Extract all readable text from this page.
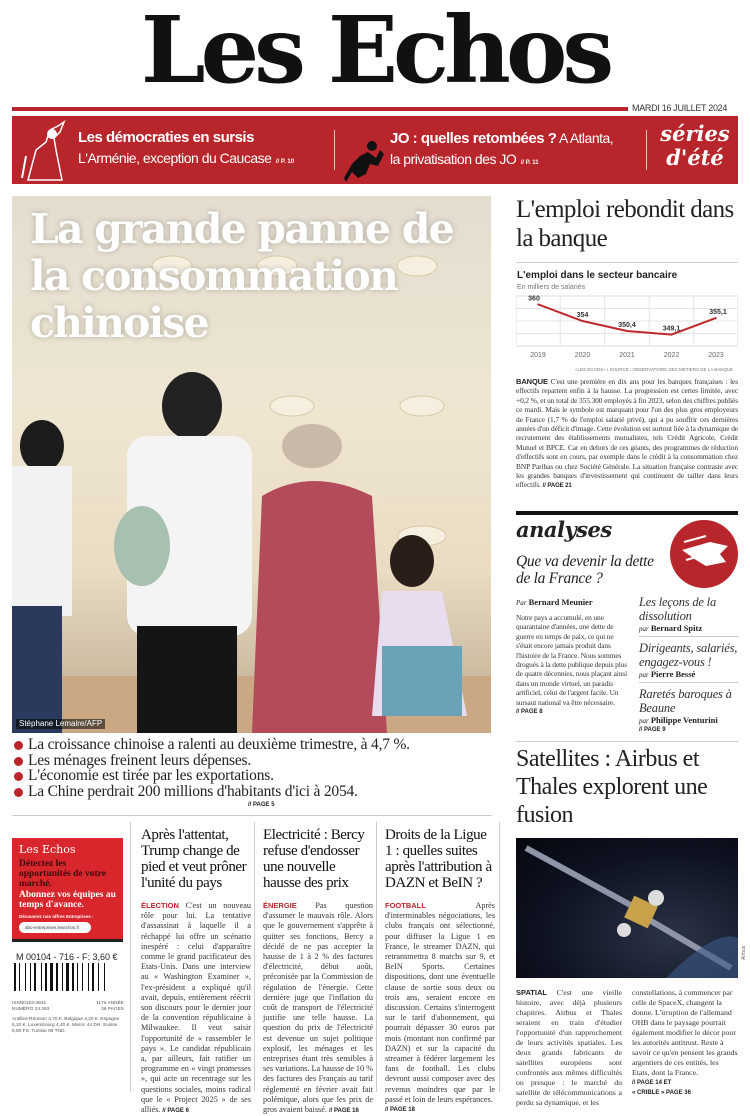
Les Echos
MARDI 16 JUILLET 2024
Les démocraties en sursis
L'Arménie, exception du Caucase // P. 10
JO : quelles retombées ? A Atlanta,
la privatisation des JO // P. 11
séries
d'été
La grande panne de la consommation chinoise
Stéphane Lemaire/AFP
La croissance chinoise a ralenti au deuxième trimestre, à 4,7 %.
Les ménages freinent leurs dépenses.
L'économie est tirée par les exportations.
La Chine perdrait 200 millions d'habitants d'ici à 2054.
// PAGE 5
L'emploi rebondit dans la banque
L'emploi dans le secteur bancaire
En milliers de salariés
360
2019
354
2020
350,4
2021
349,1
2022
355,1
2023
«LES ÉCHOS» / SOURCE : OBSERVATOIRE DES MÉTIERS DE LA BANQUE
BANQUE C'est une première en dix ans pour les banques françaises : les effectifs repartent enfin à la hausse. La progression est certes limitée, avec +0,2 %, et un total de 355.300 employés à fin 2023, selon des chiffres publiés ce mardi. Mais le symbole est marquant pour l'un des plus gros employeurs de France (1,7 % de l'emploi salarié privé), qui a pu souffrir ces dernières années d'un déficit d'image. Cette évolution est surtout liée à la dynamique de recrutement des établissements mutualistes, tels Crédit Agricole, Crédit Mutuel et BPCE. Car en dehors de ces géants, des programmes de réduction d'effectifs sont en cours, par exemple dans le crédit à la consommation chez BNP Paribas ou chez Société Générale. La situation française contraste avec les grandes banques d'investissement qui continuent de tailler dans leurs effectifs. // PAGE 21
analyses
Que va devenir la dette de la France ?
Par Bernard Meunier
Notre pays a accumulé, en une quarantaine d'années, une dette de guerre en temps de paix, ce qui ne s'était encore jamais produit dans l'histoire de la France. Nous sommes drogués à la dette publique depuis plus de quatre décennies, nous plaçant ainsi dans un monde virtuel, un paradis artificiel, celui de l'argent facile. Un sursaut national va être nécessaire.
// PAGE 8
Les leçons de la dissolution
par Bernard Spitz
Dirigeants, salariés, engagez-vous !
par Pierre Bessé
Raretés baroques à Beaune
par Philippe Venturini
// PAGE 9
Satellites : Airbus et Thales explorent une fusion
Airbus
SPATIAL C'est une vieille histoire, avec déjà plusieurs chapitres. Airbus et Thales seraient en train d'étudier l'opportunité d'un rapprochement de leurs activités spatiales. Les deux grands fabricants de satellites européens sont confrontés aux mêmes difficultés ou presque : le marché du satellite de télécommunications a perdu sa dynamique, et les
constellations, à commencer par celle de SpaceX, changent la donne. L'irruption de l'allemand OHB dans le paysage pourrait également modifier le décor pour les autorités antitrust. Reste à savoir ce qu'en pensent les grands argentiers de ces entités, les Etats, dont la France.
// PAGE 14 ET
« CRIBLE » PAGE 36
Les Echos
Détectez les opportunités de votre marché.
Abonnez vos équipes au temps d'avance.
Découvrez nos offres Entreprises :
abo-entreprises.lesechos.fr
M 00104 - 716 - F: 3,60 €
ISSN0153-4831
NUMÉRO 24.263
117e ANNÉE
36 PAGES
Antilles-Réunion 4,70 €. Belgique 4,20 €. Espagne 5,10 €. Luxembourg 4,40 €. Maroc 44 DH. Suisse 6,80 FS. Tunisie 08 TND.
Après l'attentat, Trump change de pied et veut prôner l'unité du pays
ÉLECTION C'est un nouveau rôle pour lui. La tentative d'assassinat à laquelle il a réchappé lui offre un scénario inespéré : celui d'apparaître comme le grand pacificateur des Etats-Unis. Dans une interview au « Washington Examiner », l'ex-président a expliqué qu'il avait, depuis, entièrement réécrit son discours pour le dernier jour de la convention républicaine à Milwaukee. Il veut saisir l'opportunité de « rassembler le pays ». Le candidat républicain a, par ailleurs, fait ratifier un programme en « vingt promesses », qui acte un recentrage sur les questions sociales, moins radical que le « Project 2025 » de ses alliés. // PAGE 6
Electricité : Bercy refuse d'endosser une nouvelle hausse des prix
ÉNERGIE Pas question d'assumer le mauvais rôle. Alors que le gouvernement s'apprête à quitter ses fonctions, Bercy a décidé de ne pas accepter la hausse de 1 à 2 % des factures d'électricité, début août, préconisée par la Commission de régulation de l'énergie. Cette dernière juge que l'inflation du coût de transport de l'électricité justifie une telle hausse. La question du prix de l'électricité est devenue un sujet politique explosif, les ménages et les entreprises étant très sensibles à ses variations. La hausse de 10 % des factures des Français au tarif réglementé en février avait fait polémique, alors que les prix de gros avaient baissé. // PAGE 16
Droits de la Ligue 1 : quelles suites après l'attribution à DAZN et BeIN ?
FOOTBALL	Après d'interminables négociations, les clubs français ont sélectionné, pour diffuser la Ligue 1 en France, le streamer DAZN, qui retransmettra 8 matchs sur 9, et BeIN Sports. Certaines dispositions, dont une éventuelle clause de sortie sous deux ou trois ans, seraient encore en discussion. Certains s'interrogent sur le tarif d'abonnement, qui pourrait dépasser 30 euros par mois (montant non confirmé par DAZN) et sur la capacité du streamer à fédérer largement les fans de football. Les clubs devront aussi composer avec des revenus moindres que par le passé et loin de leurs espérances.
// PAGE 18
